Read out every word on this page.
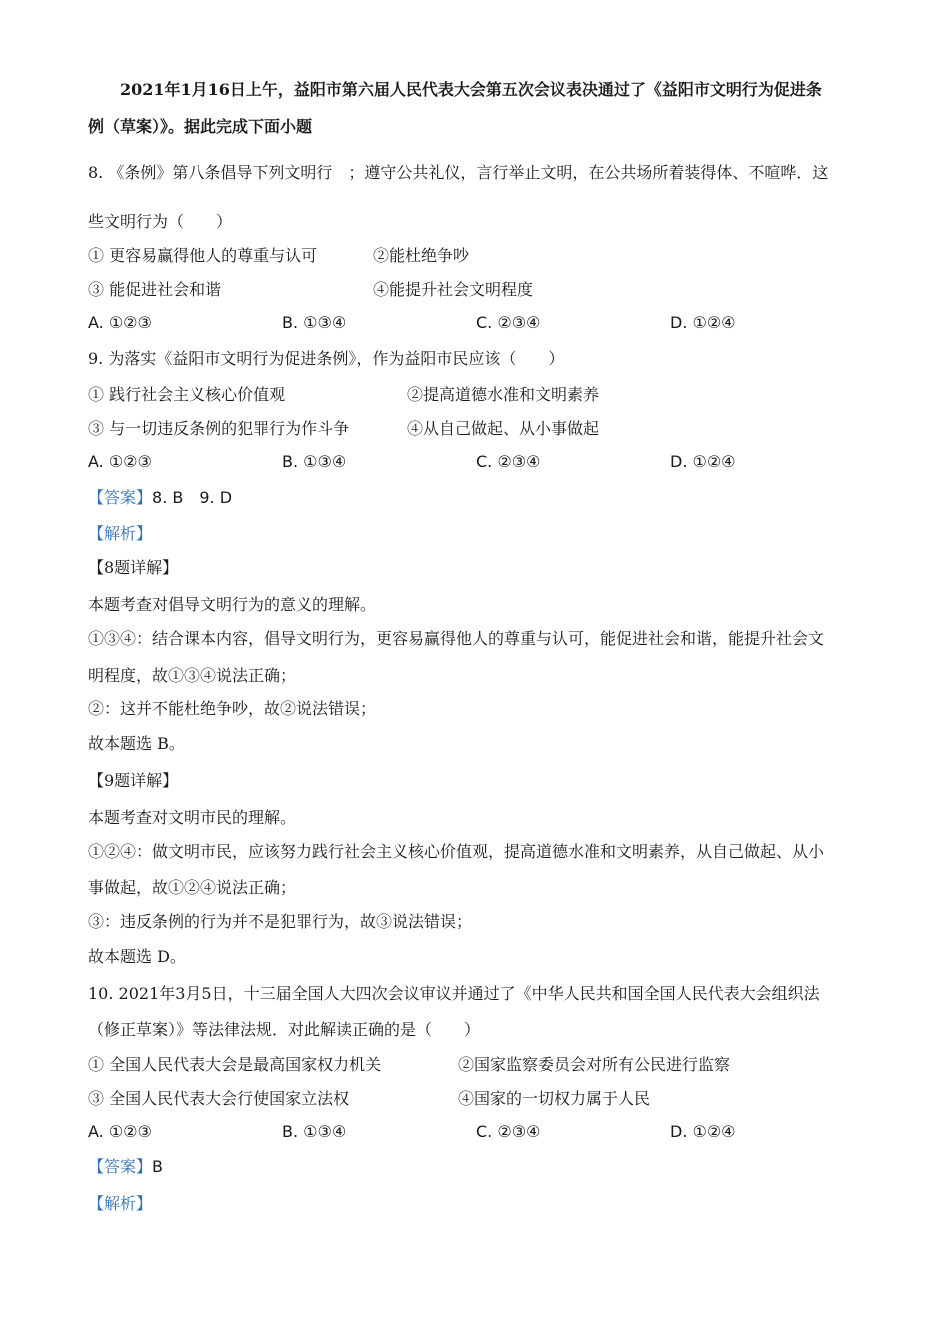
2021年1月16日上午，益阳市第六届人民代表大会第五次会议表决通过了《益阳市文明行为促进条
例（草案）》。据此完成下面小题
8. 《条例》第八条倡导下列文明行　；遵守公共礼仪，言行举止文明，在公共场所着装得体、不喧哗．这
些文明行为（　　）
① 更容易赢得他人的尊重与认可	②能杜绝争吵
③ 能促进社会和谐	④能提升社会文明程度
A. ①②③	B. ①③④	C. ②③④	D. ①②④
9. 为落实《益阳市文明行为促进条例》，作为益阳市民应该（　　）
① 践行社会主义核心价值观	②提高道德水准和文明素养
③ 与一切违反条例的犯罪行为作斗争	④从自己做起、从小事做起
A. ①②③	B. ①③④	C. ②③④	D. ①②④
【答案】8. B　9. D
【解析】
【8题详解】
本题考查对倡导文明行为的意义的理解。
①③④：结合课本内容，倡导文明行为，更容易赢得他人的尊重与认可，能促进社会和谐，能提升社会文
明程度，故①③④说法正确；
②：这并不能杜绝争吵，故②说法错误；
故本题选 B。
【9题详解】
本题考查对文明市民的理解。
①②④：做文明市民，应该努力践行社会主义核心价值观，提高道德水准和文明素养，从自己做起、从小
事做起，故①②④说法正确；
③：违反条例的行为并不是犯罪行为，故③说法错误；
故本题选 D。
10. 2021年3月5日，十三届全国人大四次会议审议并通过了《中华人民共和国全国人民代表大会组织法
（修正草案）》等法律法规．对此解读正确的是（　　）
① 全国人民代表大会是最高国家权力机关	②国家监察委员会对所有公民进行监察
③ 全国人民代表大会行使国家立法权	④国家的一切权力属于人民
A. ①②③	B. ①③④	C. ②③④	D. ①②④
【答案】B
【解析】
